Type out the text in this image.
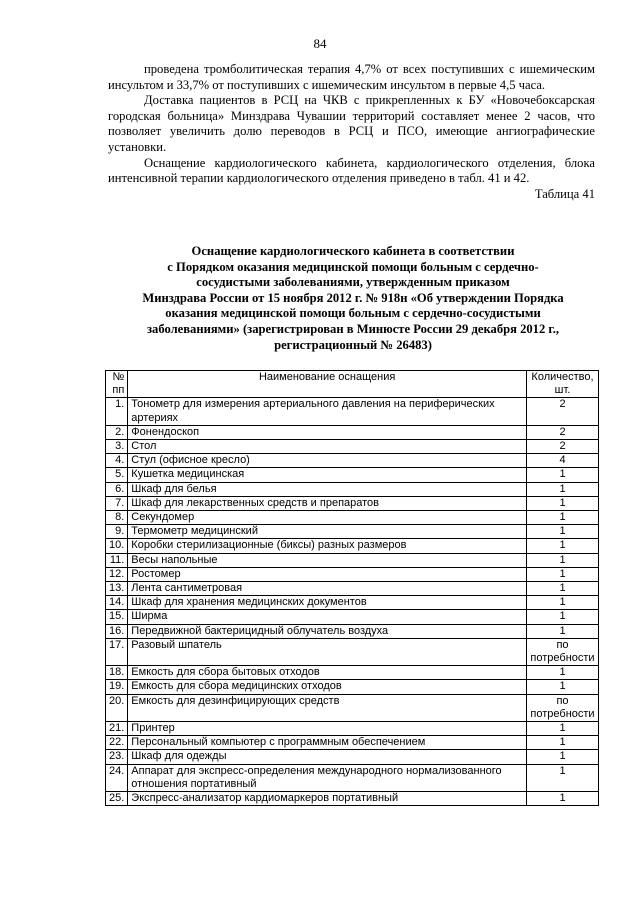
84

проведена тромболитическая терапия 4,7% от всех поступивших с ишемическим инсультом и 33,7% от поступивших с ишемическим инсультом в первые 4,5 часа.

Доставка пациентов в РСЦ на ЧКВ с прикрепленных к БУ «Новочебоксарская городская больница» Минздрава Чувашии территорий составляет менее 2 часов, что позволяет увеличить долю переводов в РСЦ и ПСО, имеющие ангиографические установки.

Оснащение кардиологического кабинета, кардиологического отделения, блока интенсивной терапии кардиологического отделения приведено в табл. 41 и 42.

Таблица 41
Оснащение кардиологического кабинета в соответствии
с Порядком оказания медицинской помощи больным с сердечно-
сосудистыми заболеваниями, утвержденным приказом
Минздрава России от 15 ноября 2012 г. № 918н «Об утверждении Порядка
оказания медицинской помощи больным с сердечно-сосудистыми
заболеваниями» (зарегистрирован в Минюсте России 29 декабря 2012 г.,
регистрационный № 26483)
№ пп	Наименование оснащения	Количество, шт.
1.	Тонометр для измерения артериального давления на периферических артериях	2
2.	Фонендоскоп	2
3.	Стол	2
4.	Стул (офисное кресло)	4
5.	Кушетка медицинская	1
6.	Шкаф для белья	1
7.	Шкаф для лекарственных средств и препаратов	1
8.	Секундомер	1
9.	Термометр медицинский	1
10.	Коробки стерилизационные (биксы) разных размеров	1
11.	Весы напольные	1
12.	Ростомер	1
13.	Лента сантиметровая	1
14.	Шкаф для хранения медицинских документов	1
15.	Ширма	1
16.	Передвижной бактерицидный облучатель воздуха	1
17.	Разовый шпатель	по потребности
18.	Емкость для сбора бытовых отходов	1
19.	Емкость для сбора медицинских отходов	1
20.	Емкость для дезинфицирующих средств	по потребности
21.	Принтер	1
22.	Персональный компьютер с программным обеспечением	1
23.	Шкаф для одежды	1
24.	Аппарат для экспресс-определения международного нормализованного отношения портативный	1
25.	Экспресс-анализатор кардиомаркеров портативный	1
